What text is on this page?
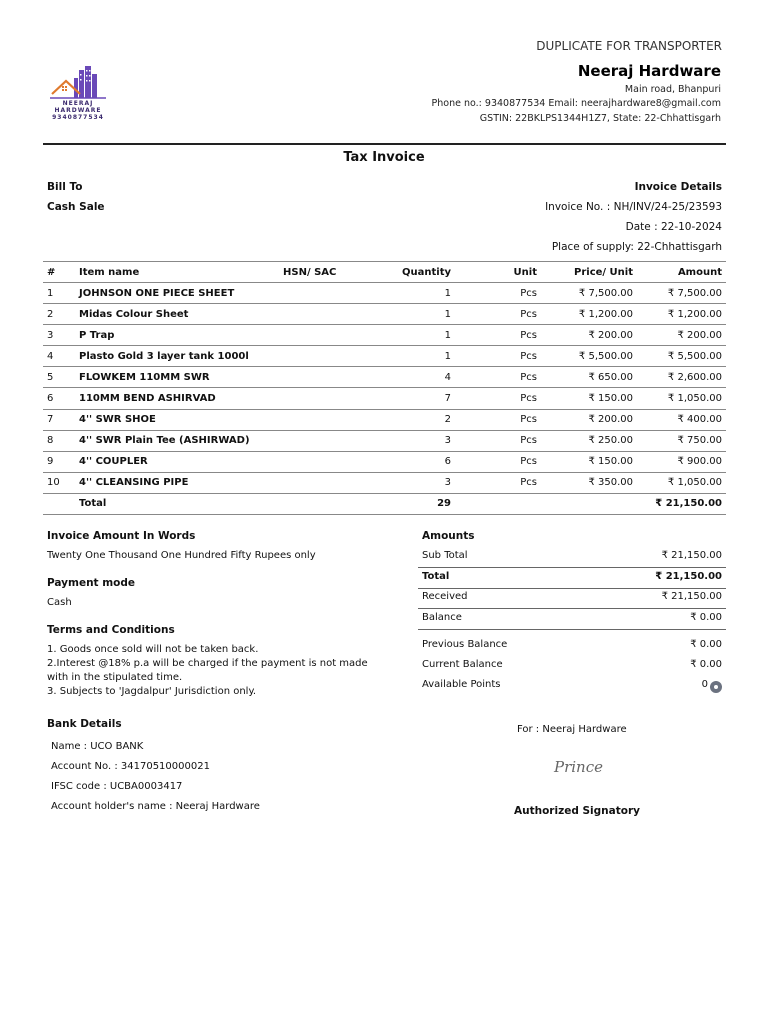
DUPLICATE FOR TRANSPORTER
Neeraj Hardware
Main road, Bhanpuri
Phone no.: 9340877534 Email: neerajhardware8@gmail.com
GSTIN: 22BKLPS1344H1Z7, State: 22-Chhattisgarh
NEERAJ
HARDWARE
9340877534
Tax Invoice
Bill To
Cash Sale
Invoice Details
Invoice No. : NH/INV/24-25/23593
Date : 22-10-2024
Place of supply: 22-Chhattisgarh
#	Item name	HSN/ SAC	Quantity	Unit	Price/ Unit	Amount
1	JOHNSON ONE PIECE SHEET		1	Pcs	₹ 7,500.00	₹ 7,500.00
2	Midas Colour Sheet		1	Pcs	₹ 1,200.00	₹ 1,200.00
3	P Trap		1	Pcs	₹ 200.00	₹ 200.00
4	Plasto Gold 3 layer tank 1000l		1	Pcs	₹ 5,500.00	₹ 5,500.00
5	FLOWKEM 110MM SWR		4	Pcs	₹ 650.00	₹ 2,600.00
6	110MM BEND ASHIRVAD		7	Pcs	₹ 150.00	₹ 1,050.00
7	4'' SWR SHOE		2	Pcs	₹ 200.00	₹ 400.00
8	4'' SWR Plain Tee (ASHIRWAD)		3	Pcs	₹ 250.00	₹ 750.00
9	4'' COUPLER		6	Pcs	₹ 150.00	₹ 900.00
10	4'' CLEANSING PIPE		3	Pcs	₹ 350.00	₹ 1,050.00
	Total		29			₹ 21,150.00
Invoice Amount In Words
Twenty One Thousand One Hundred Fifty Rupees only
Payment mode
Cash
Terms and Conditions
1. Goods once sold will not be taken back.
2.Interest @18% p.a will be charged if the payment is not made with in the stipulated time.
3. Subjects to 'Jagdalpur' Jurisdiction only.
Amounts
Sub Total	₹ 21,150.00
Total	₹ 21,150.00
Received	₹ 21,150.00
Balance	₹ 0.00
Previous Balance	₹ 0.00
Current Balance	₹ 0.00
Available Points	0
Bank Details
Name : UCO BANK
Account No. : 34170510000021
IFSC code : UCBA0003417
Account holder's name : Neeraj Hardware
For : Neeraj Hardware
Prince
Authorized Signatory
